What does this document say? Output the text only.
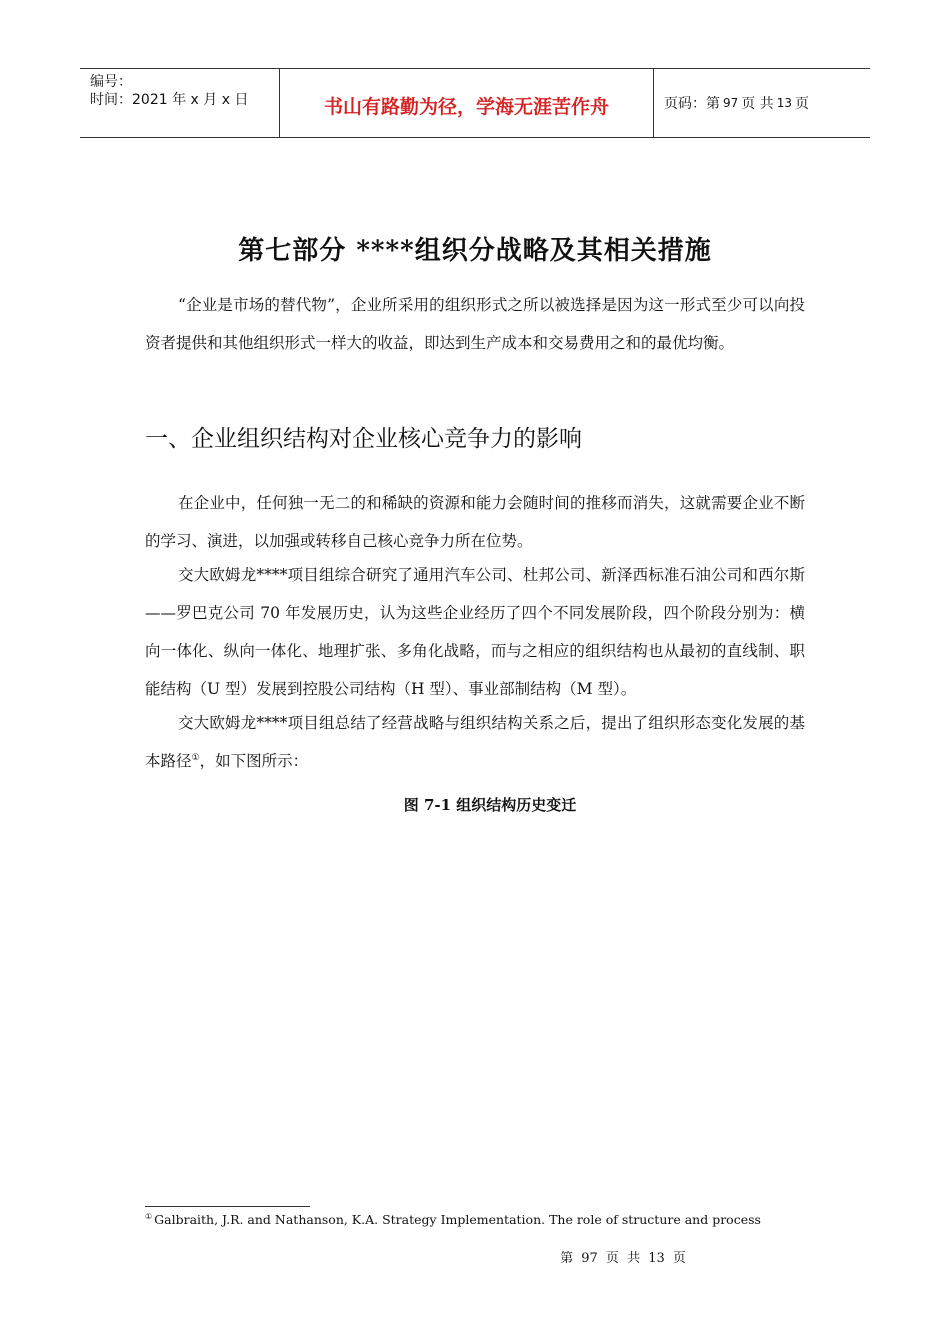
编号：
时间：2021 年 x 月 x 日	书山有路勤为径，学海无涯苦作舟	页码：第 97 页 共 13 页
第七部分 ****组织分战略及其相关措施

“企业是市场的替代物”，企业所采用的组织形式之所以被选择是因为这一形式至少可以向投资者提供和其他组织形式一样大的收益，即达到生产成本和交易费用之和的最优均衡。

一、企业组织结构对企业核心竞争力的影响

在企业中，任何独一无二的和稀缺的资源和能力会随时间的推移而消失，这就需要企业不断的学习、演进，以加强或转移自己核心竞争力所在位势。

交大欧姆龙****项目组综合研究了通用汽车公司、杜邦公司、新泽西标准石油公司和西尔斯——罗巴克公司 70 年发展历史，认为这些企业经历了四个不同发展阶段，四个阶段分别为：横向一体化、纵向一体化、地理扩张、多角化战略，而与之相应的组织结构也从最初的直线制、职能结构（U 型）发展到控股公司结构（H 型）、事业部制结构（M 型）。

交大欧姆龙****项目组总结了经营战略与组织结构关系之后，提出了组织形态变化发展的基本路径①，如下图所示：

图 7-1 组织结构历史变迁
① Galbraith, J.R. and Nathanson, K.A. Strategy Implementation. The role of structure and process
第 97 页 共 13 页
